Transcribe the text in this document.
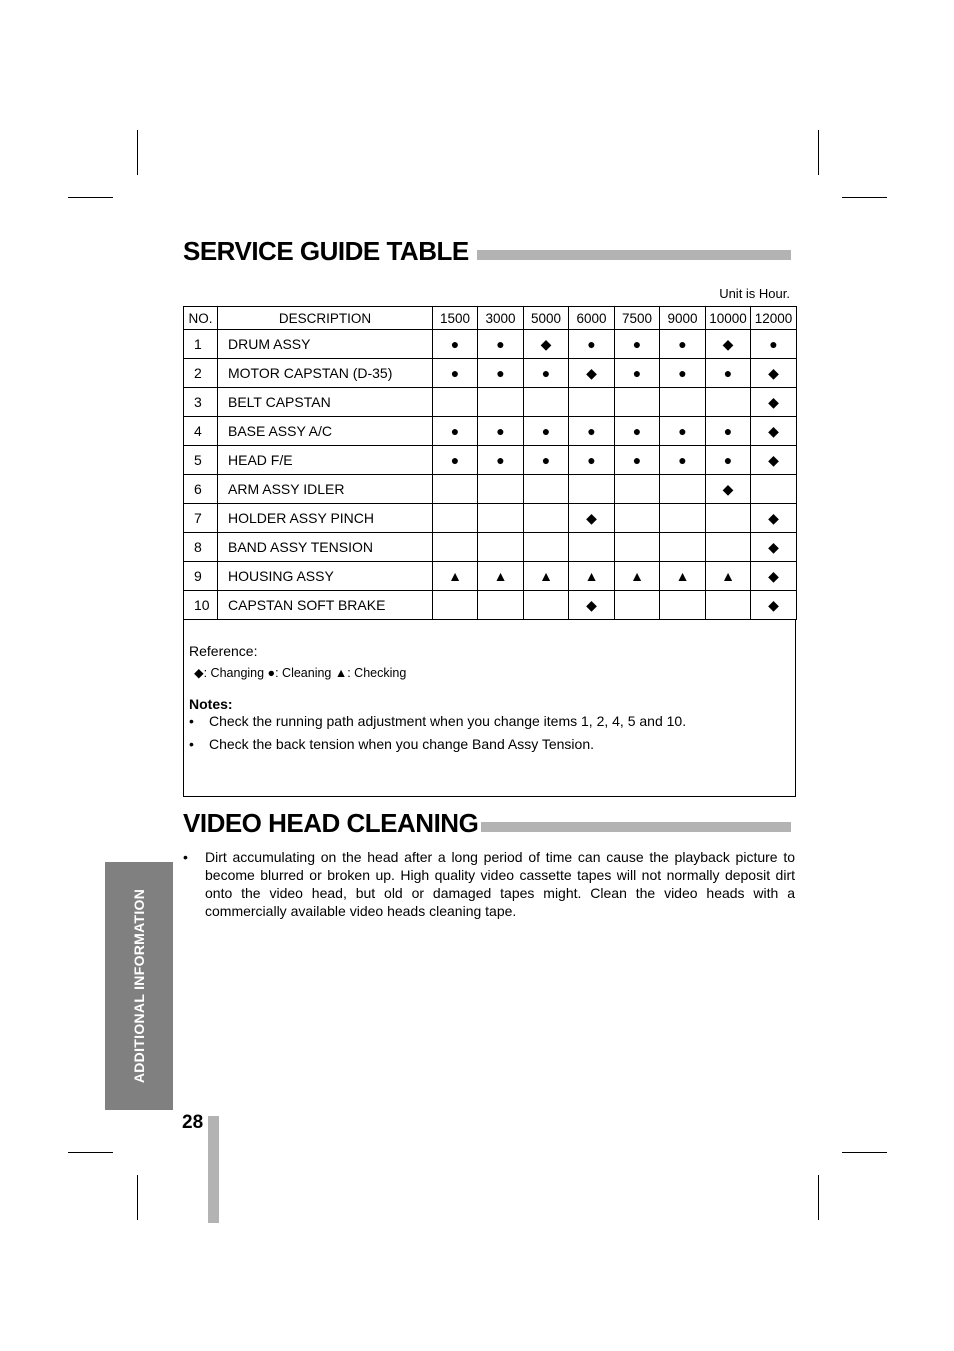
SERVICE GUIDE TABLE
Unit is Hour.
NO.	DESCRIPTION	1500	3000	5000	6000	7500	9000	10000	12000
1	DRUM ASSY	●	●	◆	●	●	●	◆	●
2	MOTOR CAPSTAN (D-35)	●	●	●	◆	●	●	●	◆
3	BELT CAPSTAN								◆
4	BASE ASSY A/C	●	●	●	●	●	●	●	◆
5	HEAD F/E	●	●	●	●	●	●	●	◆
6	ARM ASSY IDLER							◆	
7	HOLDER ASSY PINCH				◆				◆
8	BAND ASSY TENSION								◆
9	HOUSING ASSY	▲	▲	▲	▲	▲	▲	▲	◆
10	CAPSTAN SOFT BRAKE				◆				◆
Reference:
◆: Changing ●: Cleaning ▲: Checking
Notes:
•	Check the running path adjustment when you change items 1, 2, 4, 5 and 10.
•	Check the back tension when you change Band Assy Tension.
VIDEO HEAD CLEANING
•	Dirt accumulating on the head after a long period of time can cause the playback picture to become blurred or broken up. High quality video cassette tapes will not normally deposit dirt onto the video head, but old or damaged tapes might. Clean the video heads with a commercially available video heads cleaning tape.

ADDITIONAL INFORMATION
28
